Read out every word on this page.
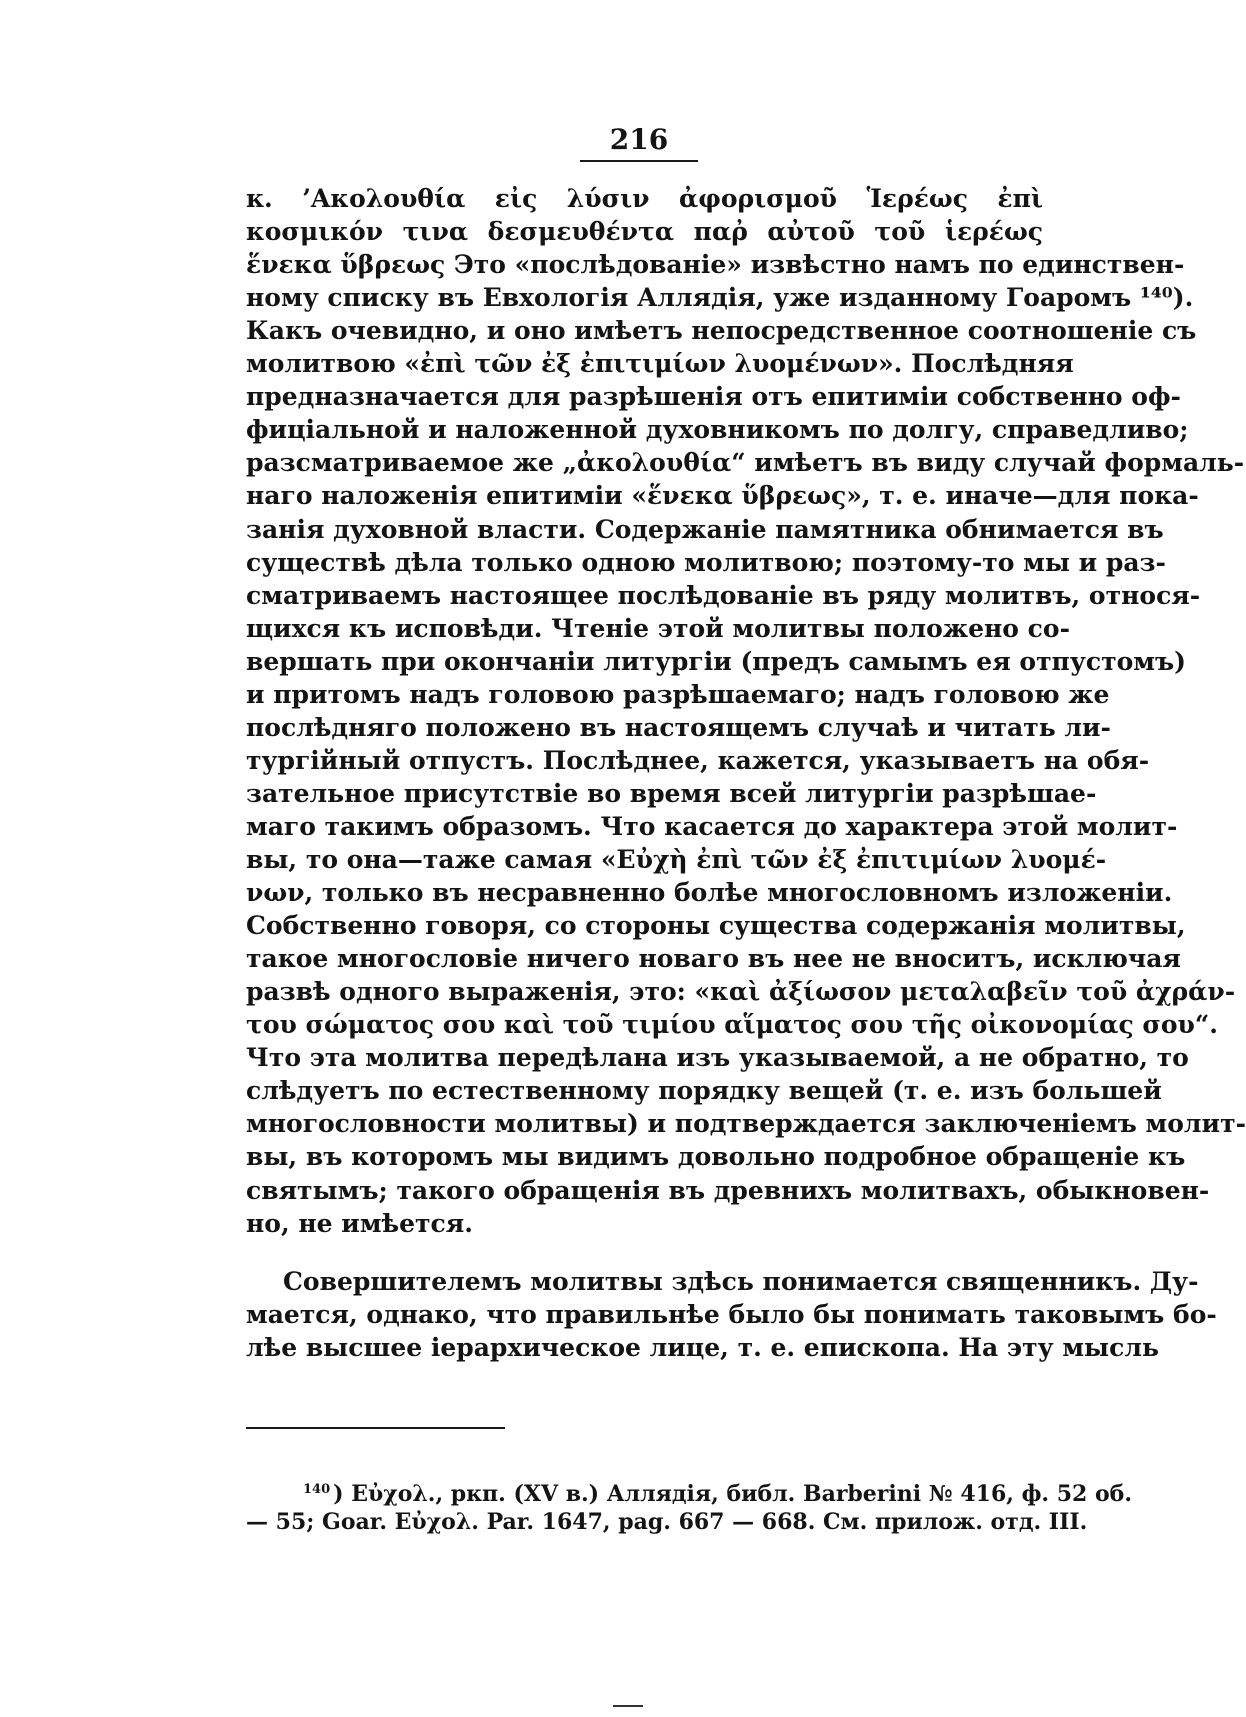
216
к. ’Ακολουθία εἰς λύσιν ἀφορισμοῦ Ἱερέως ἐπὶ
κοσμικόν τινα δεσμευθέντα παῤ αὐτοῦ τοῦ ἱερέως
ἕνεκα ὕβρεως Это «послѣдованіе» извѣстно намъ по единствен-
ному списку въ Евхологія Аллядія, уже изданному Гоаромъ ¹⁴⁰).
Какъ очевидно, и оно имѣетъ непосредственное соотношеніе съ
молитвою «ἐπὶ τῶν ἐξ ἐπιτιμίων λυομένων». Послѣдняя
предназначается для разрѣшенія отъ епитиміи собственно оф-
фиціальной и наложенной духовникомъ по долгу, справедливо;
разсматриваемое же „ἀκολουθία“ имѣетъ въ виду случай формаль-
наго наложенія епитиміи «ἕνεκα ὕβρεως», т. е. иначе—для пока-
занія духовной власти. Содержаніе памятника обнимается въ
существѣ дѣла только одною молитвою; поэтому-то мы и раз-
сматриваемъ настоящее послѣдованіе въ ряду молитвъ, относя-
щихся къ исповѣди. Чтеніе этой молитвы положено со-
вершать при окончаніи литургіи (предъ самымъ ея отпустомъ)
и притомъ надъ головою разрѣшаемаго; надъ головою же
послѣдняго положено въ настоящемъ случаѣ и читать ли-
тургійный отпустъ. Послѣднее, кажется, указываетъ на обя-
зательное присутствіе во время всей литургіи разрѣшае-
маго такимъ образомъ. Что касается до характера этой молит-
вы, то она—таже самая «Εὐχὴ ἐπὶ τῶν ἐξ ἐπιτιμίων λυομέ-
νων, только въ несравненно болѣе многословномъ изложеніи.
Собственно говоря, со стороны существа содержанія молитвы,
такое многословіе ничего новаго въ нее не вноситъ, исключая
развѣ одного выраженія, это: «καὶ ἀξίωσον μεταλαβεῖν τοῦ ἀχράν-
του σώματος σου καὶ τοῦ τιμίου αἵματος σου τῆς οἰκονομίας σου“.
Что эта молитва передѣлана изъ указываемой, а не обратно, то
слѣдуетъ по естественному порядку вещей (т. е. изъ большей
многословности молитвы) и подтверждается заключеніемъ молит-
вы, въ которомъ мы видимъ довольно подробное обращеніе къ
святымъ; такого обращенія въ древнихъ молитвахъ, обыкновен-
но, не имѣется.
Совершителемъ молитвы здѣсь понимается священникъ. Ду-
мается, однако, что правильнѣе было бы понимать таковымъ бо-
лѣе высшее іерархическое лице, т. е. епископа. На эту мысль
$^{140}$ ) Εὐχολ., ркп. (XV в.) Аллядія, библ. Barberini № 416, ф. 52 об.
— 55; Goar. Εὐχολ. Par. 1647, pag. 667 — 668. См. прилож. отд. III.
